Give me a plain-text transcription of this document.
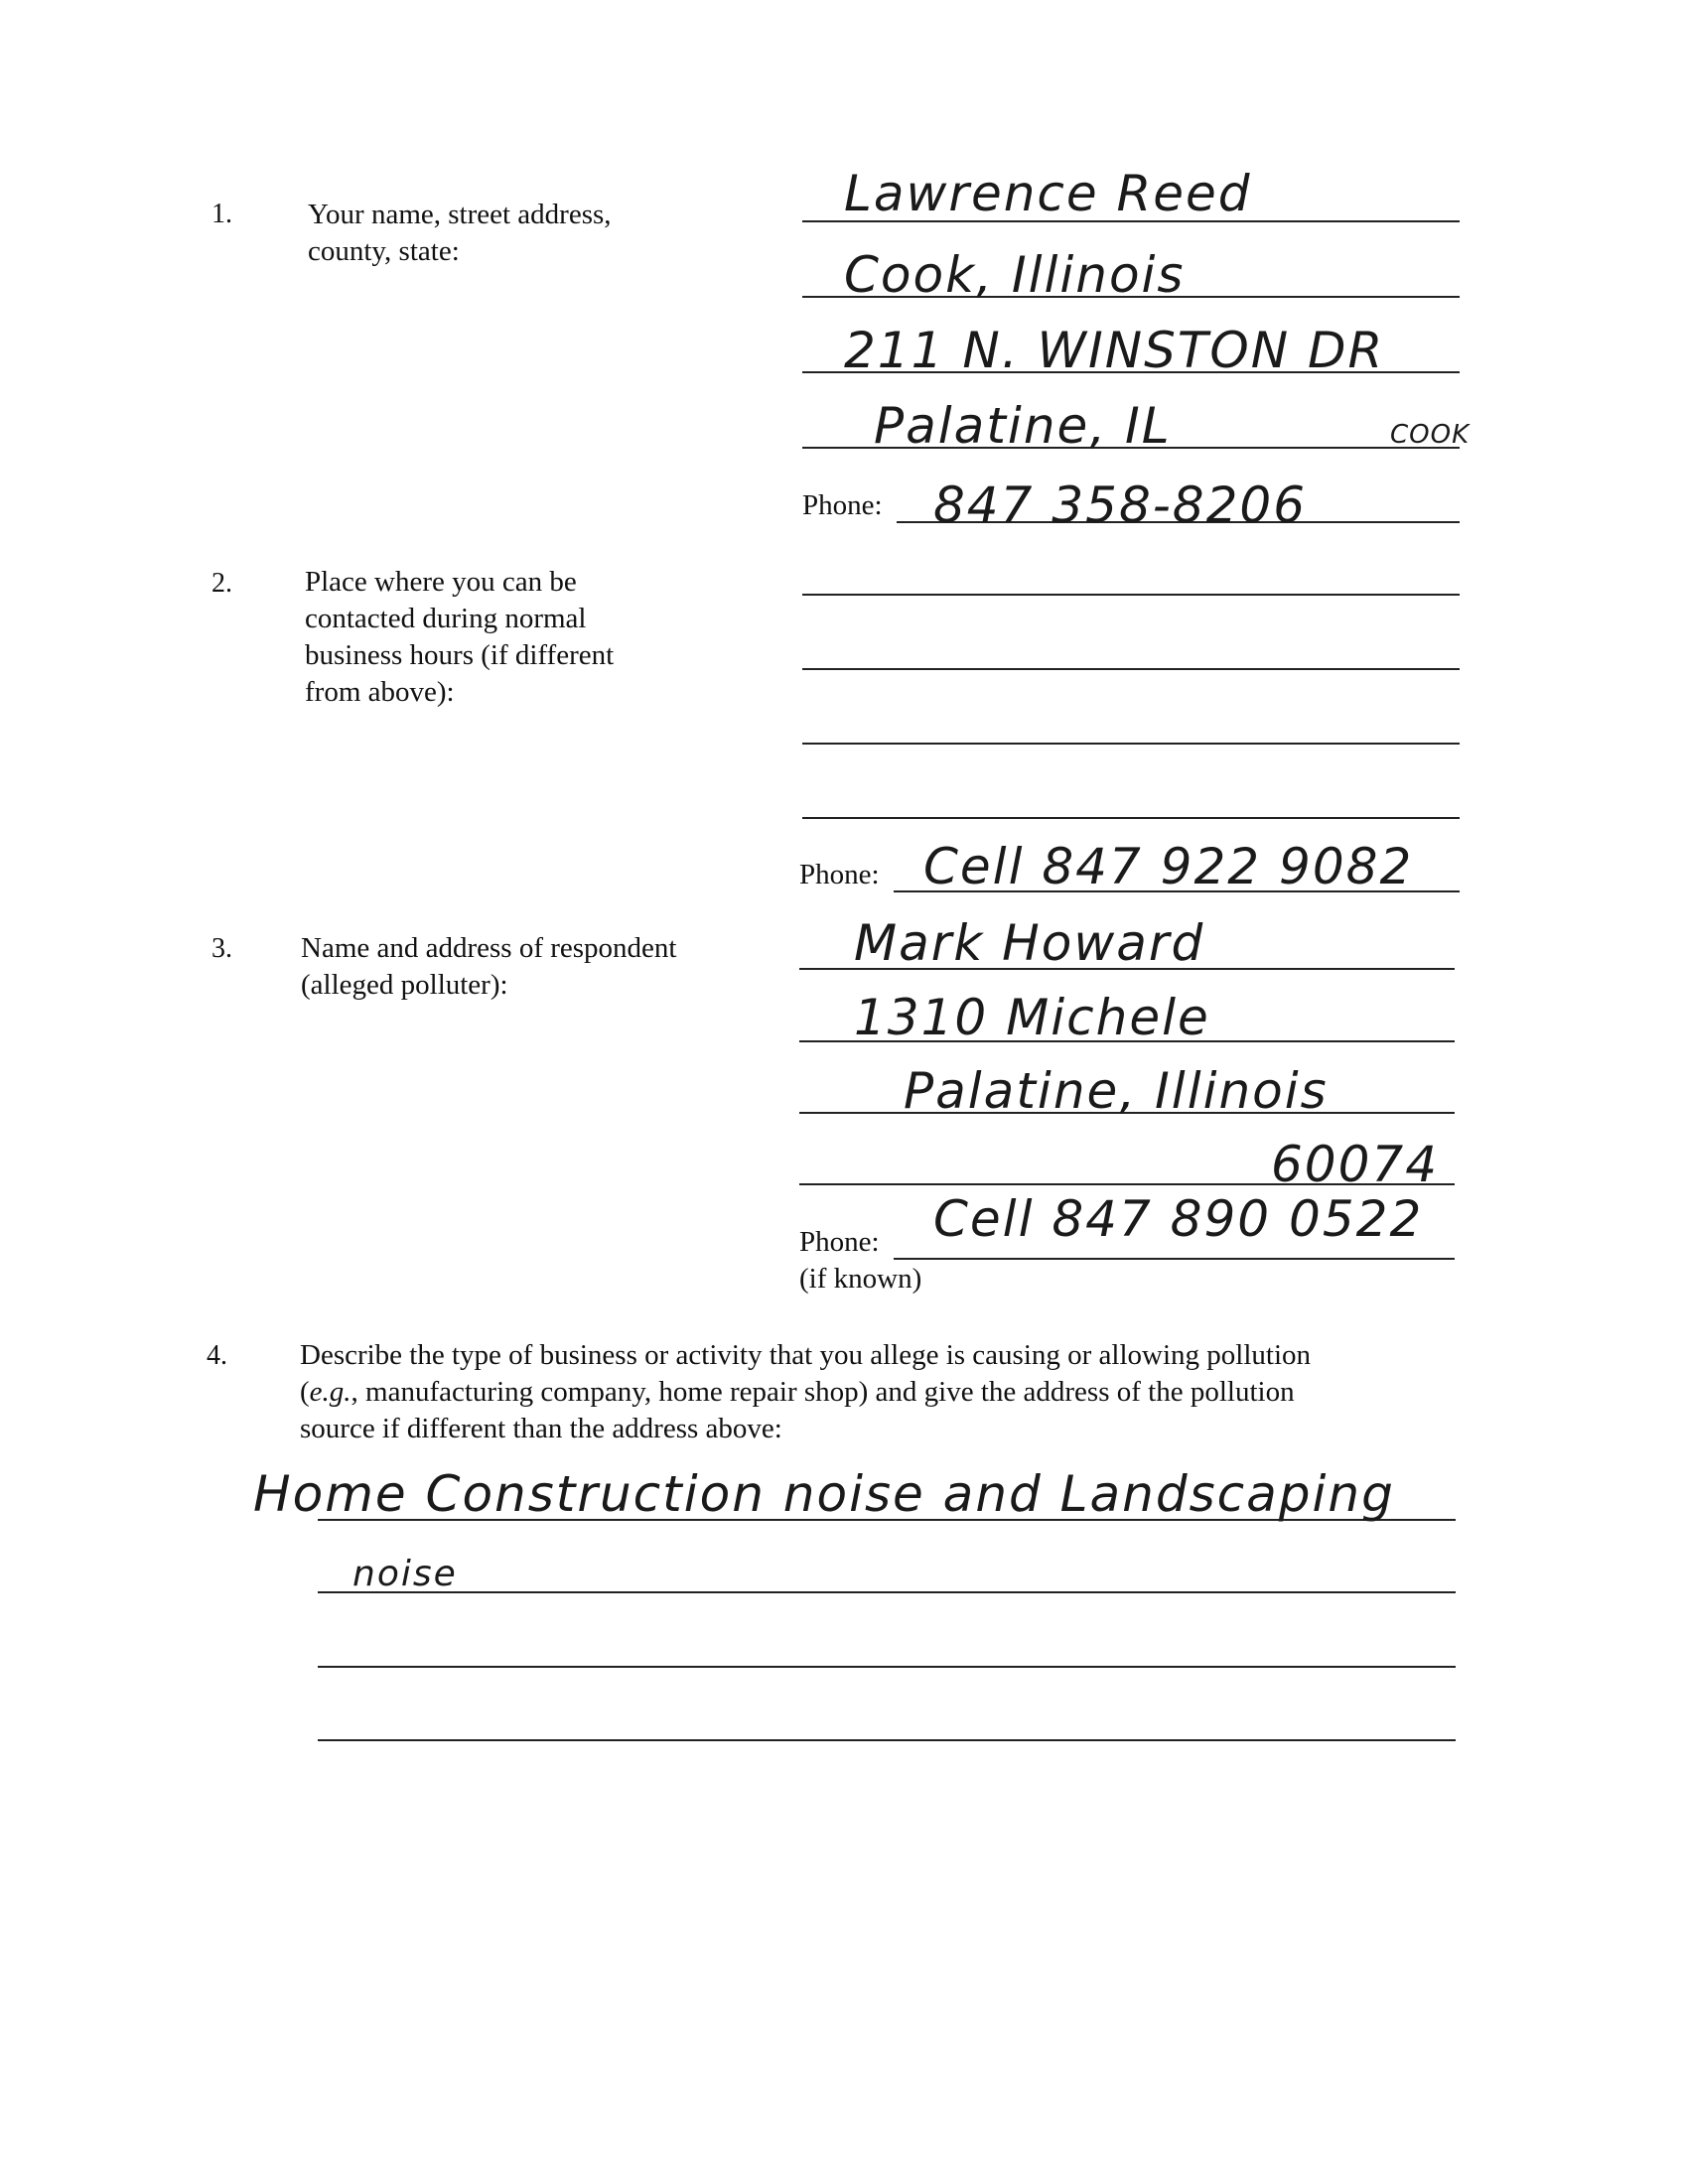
1.	Your name, street address,
county, state:
Lawrence Reed
Cook, Illinois
211 N. WINSTON DR
Palatine, IL	COOK
Phone: 847 358-8206
2.	Place where you can be
contacted during normal
business hours (if different
from above):
Phone: Cell 847 922 9082
3. Name and address of respondent
(alleged polluter):
Mark Howard
1310 Michele
Palatine, Illinois
60074
Phone: Cell 847 890 0522
(if known)
4.	Describe the type of business or activity that you allege is causing or allowing pollution
(e.g., manufacturing company, home repair shop) and give the address of the pollution
source if different than the address above:
Home Construction noise and Landscaping
noise
